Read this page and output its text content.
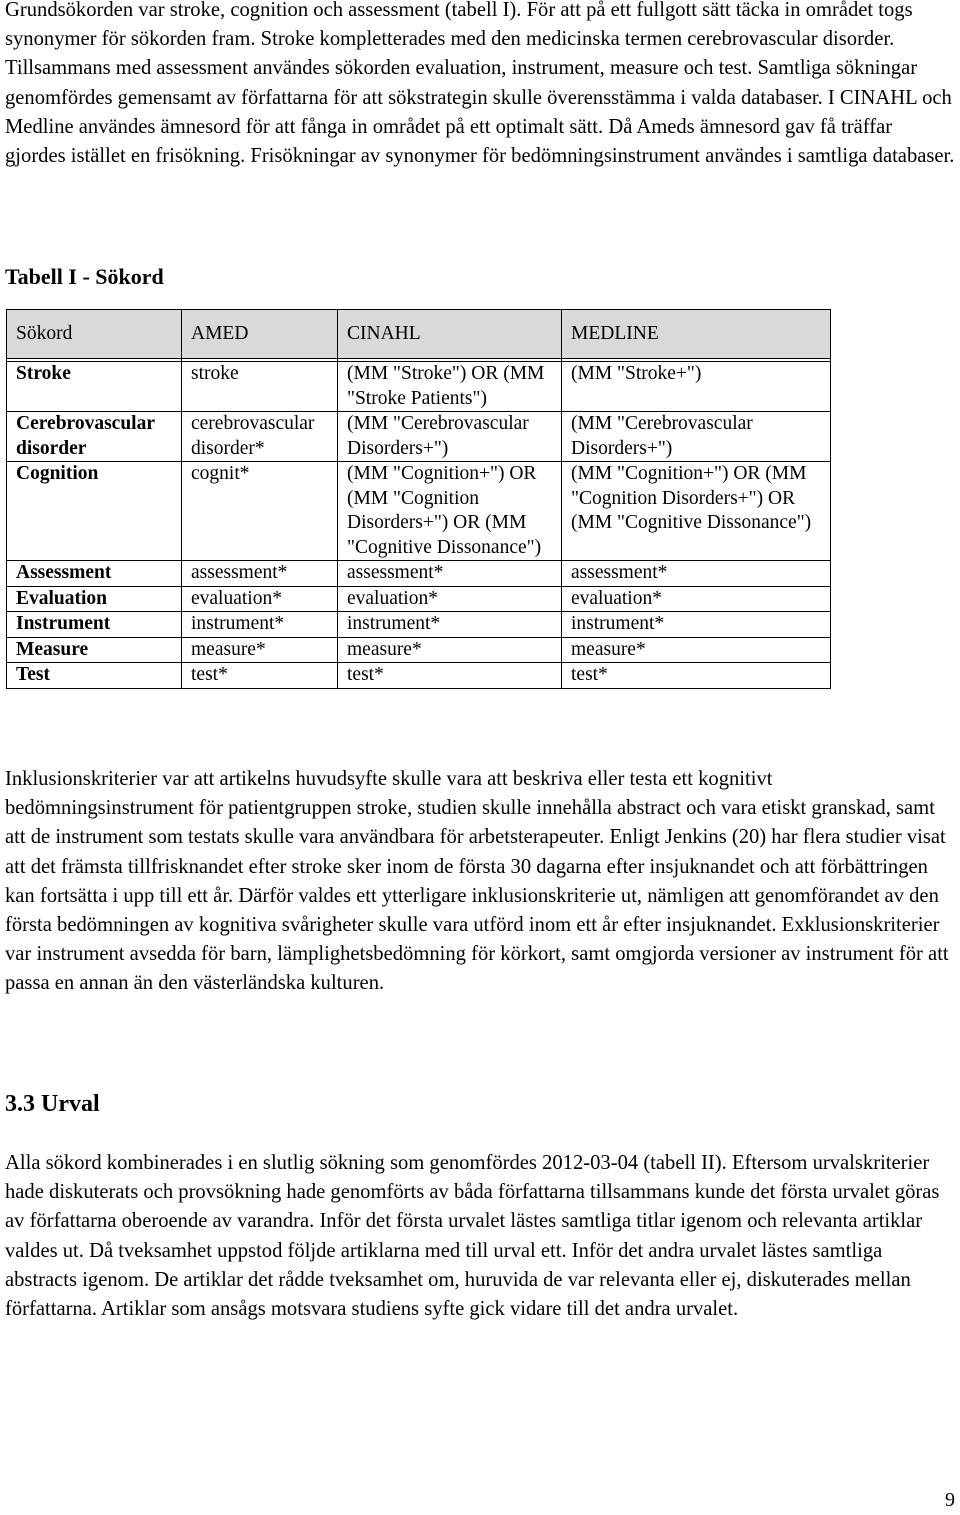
Grundsökorden var stroke, cognition och assessment (tabell I). För att på ett fullgott sätt täcka in området togs synonymer för sökorden fram. Stroke kompletterades med den medicinska termen cerebrovascular disorder. Tillsammans med assessment användes sökorden evaluation, instrument, measure och test. Samtliga sökningar genomfördes gemensamt av författarna för att sökstrategin skulle överensstämma i valda databaser. I CINAHL och Medline användes ämnesord för att fånga in området på ett optimalt sätt. Då Ameds ämnesord gav få träffar gjordes istället en frisökning. Frisökningar av synonymer för bedömningsinstrument användes i samtliga databaser.

Tabell I - Sökord
Sökord	AMED	CINAHL	MEDLINE

Stroke	stroke	(MM "Stroke") OR (MM "Stroke Patients")	(MM "Stroke+")
Cerebrovascular disorder	cerebrovascular disorder*	(MM "Cerebrovascular Disorders+")	(MM "Cerebrovascular Disorders+")
Cognition	cognit*	(MM "Cognition+") OR (MM "Cognition Disorders+") OR (MM "Cognitive Dissonance")	(MM "Cognition+") OR (MM "Cognition Disorders+") OR (MM "Cognitive Dissonance")
Assessment	assessment*	assessment*	assessment*
Evaluation	evaluation*	evaluation*	evaluation*
Instrument	instrument*	instrument*	instrument*
Measure	measure*	measure*	measure*
Test	test*	test*	test*

Inklusionskriterier var att artikelns huvudsyfte skulle vara att beskriva eller testa ett kognitivt bedömningsinstrument för patientgruppen stroke, studien skulle innehålla abstract och vara etiskt granskad, samt att de instrument som testats skulle vara användbara för arbetsterapeuter. Enligt Jenkins (20) har flera studier visat att det främsta tillfrisknandet efter stroke sker inom de första 30 dagarna efter insjuknandet och att förbättringen kan fortsätta i upp till ett år. Därför valdes ett ytterligare inklusionskriterie ut, nämligen att genomförandet av den första bedömningen av kognitiva svårigheter skulle vara utförd inom ett år efter insjuknandet. Exklusionskriterier var instrument avsedda för barn, lämplighetsbedömning för körkort, samt omgjorda versioner av instrument för att passa en annan än den västerländska kulturen.

3.3 Urval

Alla sökord kombinerades i en slutlig sökning som genomfördes 2012-03-04 (tabell II). Eftersom urvalskriterier hade diskuterats och provsökning hade genomförts av båda författarna tillsammans kunde det första urvalet göras av författarna oberoende av varandra. Inför det första urvalet lästes samtliga titlar igenom och relevanta artiklar valdes ut. Då tveksamhet uppstod följde artiklarna med till urval ett. Inför det andra urvalet lästes samtliga abstracts igenom. De artiklar det rådde tveksamhet om, huruvida de var relevanta eller ej, diskuterades mellan författarna. Artiklar som ansågs motsvara studiens syfte gick vidare till det andra urvalet.

9
